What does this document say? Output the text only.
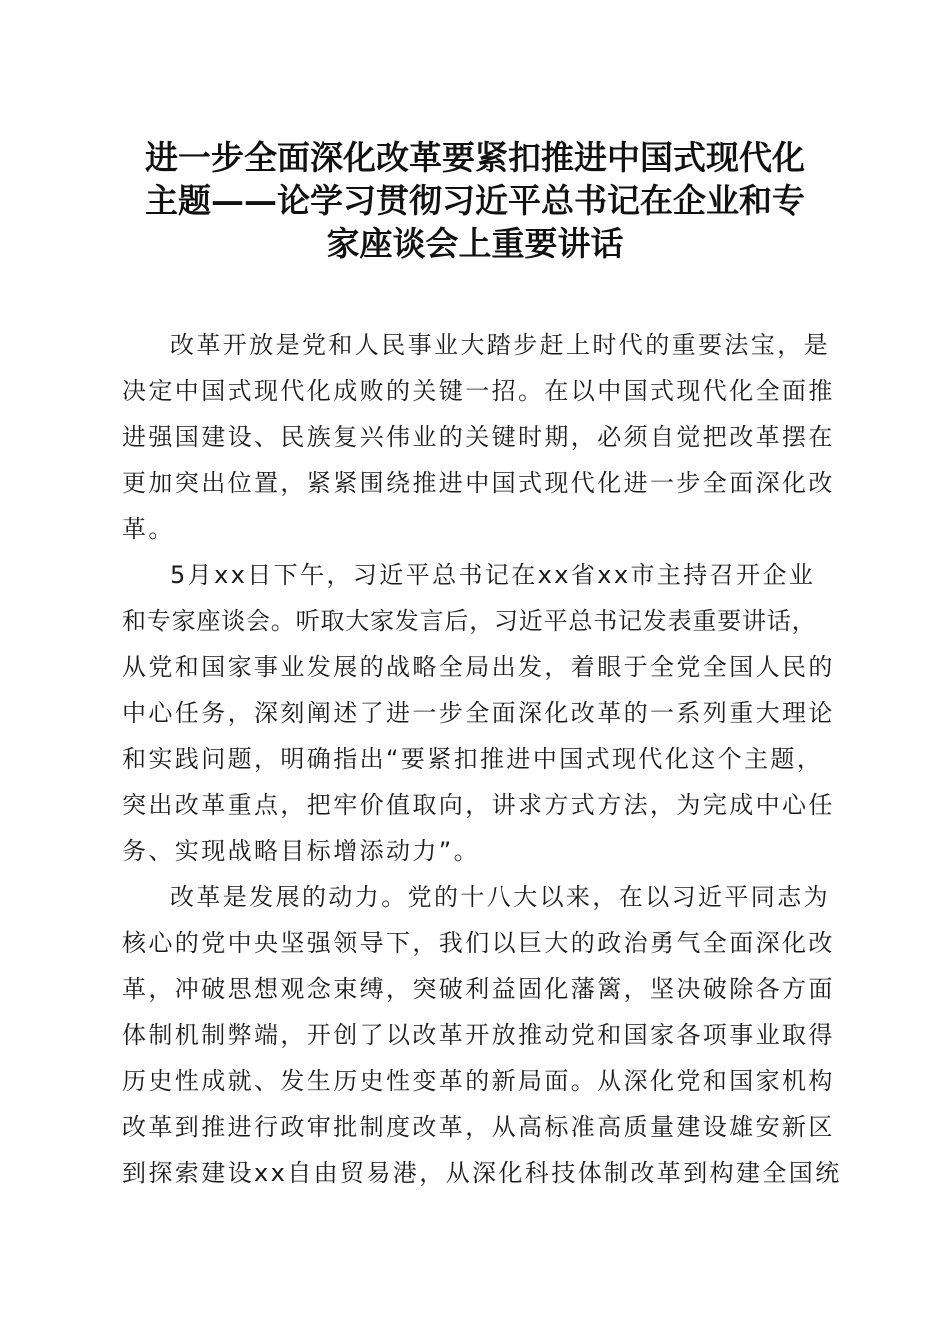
进一步全面深化改革要紧扣推进中国式现代化
主题——论学习贯彻习近平总书记在企业和专
家座谈会上重要讲话
改革开放是党和人民事业大踏步赶上时代的重要法宝，是
决定中国式现代化成败的关键一招。在以中国式现代化全面推
进强国建设、民族复兴伟业的关键时期，必须自觉把改革摆在
更加突出位置，紧紧围绕推进中国式现代化进一步全面深化改
革。
5月xx日下午，习近平总书记在xx省xx市主持召开企业
和专家座谈会。听取大家发言后，习近平总书记发表重要讲话，
从党和国家事业发展的战略全局出发，着眼于全党全国人民的
中心任务，深刻阐述了进一步全面深化改革的一系列重大理论
和实践问题，明确指出“要紧扣推进中国式现代化这个主题，
突出改革重点，把牢价值取向，讲求方式方法，为完成中心任
务、实现战略目标增添动力”。
改革是发展的动力。党的十八大以来，在以习近平同志为
核心的党中央坚强领导下，我们以巨大的政治勇气全面深化改
革，冲破思想观念束缚，突破利益固化藩篱，坚决破除各方面
体制机制弊端，开创了以改革开放推动党和国家各项事业取得
历史性成就、发生历史性变革的新局面。从深化党和国家机构
改革到推进行政审批制度改革，从高标准高质量建设雄安新区
到探索建设xx自由贸易港，从深化科技体制改革到构建全国统
